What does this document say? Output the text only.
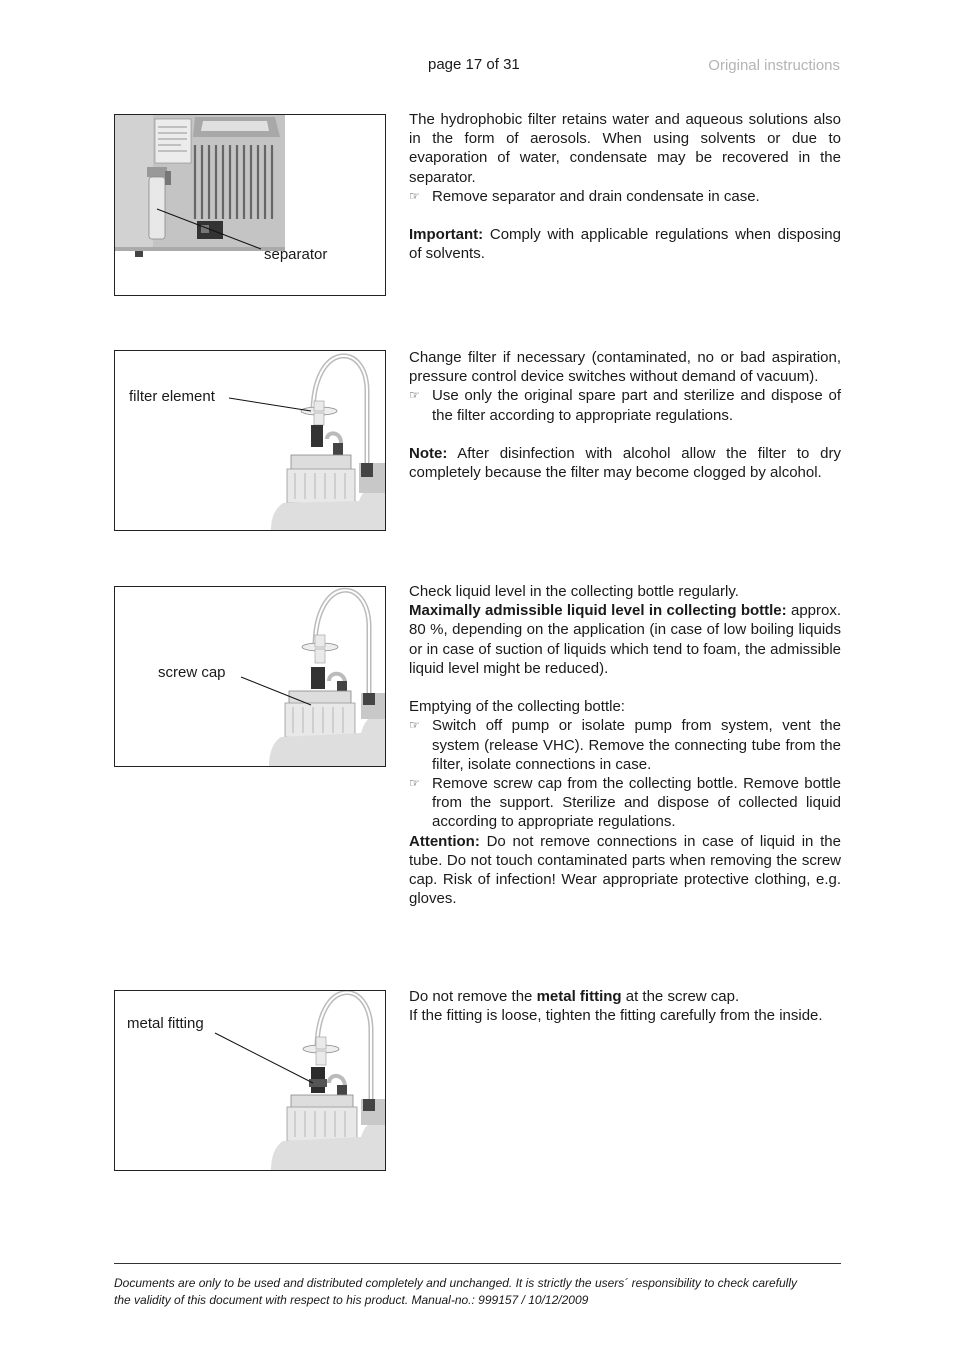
page 17 of 31	Original instructions
separator

The hydrophobic filter retains water and aqueous solutions also in the form of aerosols. When using solvents or due to evaporation of water, condensate may be recovered in the separator.

☞ Remove separator and drain condensate in case.

Important: Comply with applicable regulations when disposing of solvents.

filter element

Change filter if necessary (contaminated, no or bad aspiration, pressure control device switches without demand of vacuum).

☞ Use only the original spare part and sterilize and dispose of the filter according to appropriate regulations.

Note: After disinfection with alcohol allow the filter to dry completely because the filter may become clogged by alcohol.

screw cap

Check liquid level in the collecting bottle regularly.

Maximally admissible liquid level in collecting bottle: approx. 80 %, depending on the application (in case of low boiling liquids or in case of suction of liquids which tend to foam, the admissible liquid level might be reduced).

Emptying of the collecting bottle:

☞ Switch off pump or isolate pump from system, vent the system (release VHC). Remove the connecting tube from the filter, isolate connections in case.
☞ Remove screw cap from the collecting bottle. Remove bottle from the support. Sterilize and dispose of collected liquid according to appropriate regulations.

Attention: Do not remove connections in case of liquid in the tube. Do not touch contaminated parts when removing the screw cap. Risk of infection! Wear appropriate protective clothing, e.g. gloves.

metal fitting

Do not remove the metal fitting at the screw cap.

If the fitting is loose, tighten the fitting carefully from the inside.

Documents are only to be used and distributed completely and unchanged. It is strictly the users´ responsibility to check carefully
the validity of this document with respect to his product. Manual-no.: 999157 / 10/12/2009
